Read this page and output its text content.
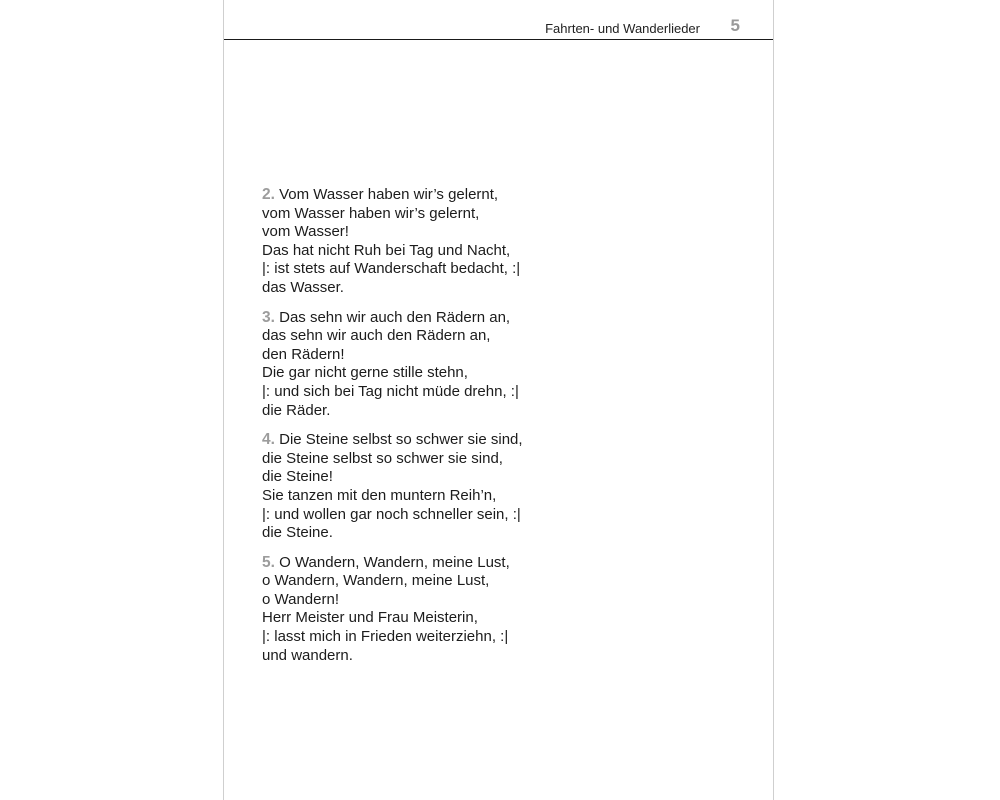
Fahrten- und Wanderlieder 5
2. Vom Wasser haben wir’s gelernt,
vom Wasser haben wir’s gelernt,
vom Wasser!
Das hat nicht Ruh bei Tag und Nacht,
|: ist stets auf Wanderschaft bedacht, :|
das Wasser.
3. Das sehn wir auch den Rädern an,
das sehn wir auch den Rädern an,
den Rädern!
Die gar nicht gerne stille stehn,
|: und sich bei Tag nicht müde drehn, :|
die Räder.
4. Die Steine selbst so schwer sie sind,
die Steine selbst so schwer sie sind,
die Steine!
Sie tanzen mit den muntern Reih’n,
|: und wollen gar noch schneller sein, :|
die Steine.
5. O Wandern, Wandern, meine Lust,
o Wandern, Wandern, meine Lust,
o Wandern!
Herr Meister und Frau Meisterin,
|: lasst mich in Frieden weiterziehn, :|
und wandern.
